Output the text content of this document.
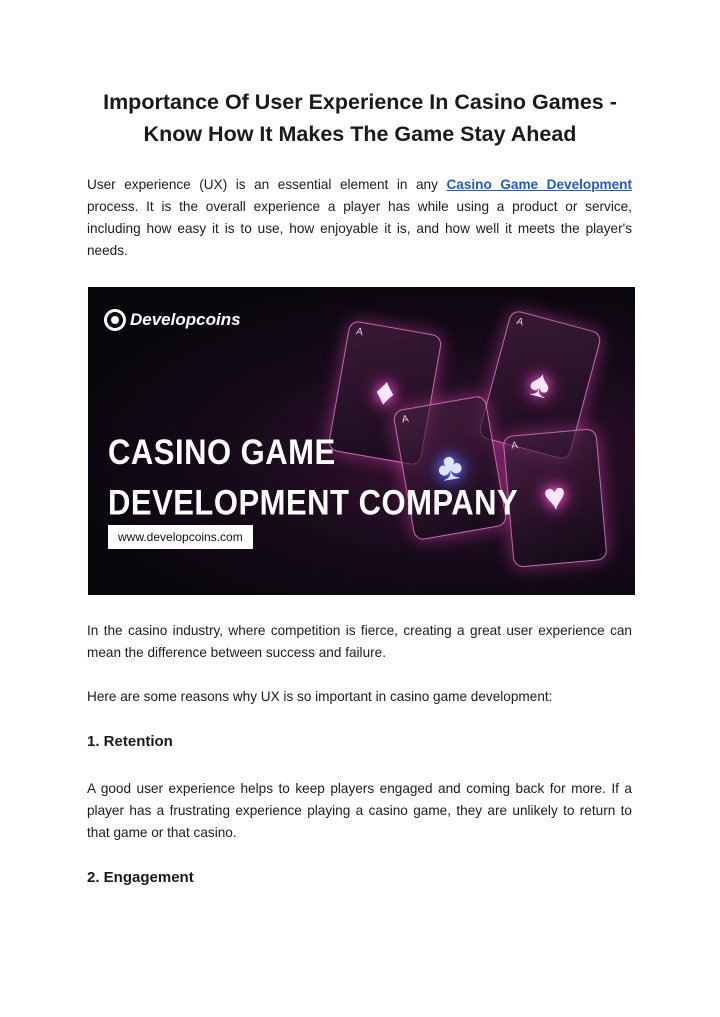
Importance Of User Experience In Casino Games -
Know How It Makes The Game Stay Ahead
User experience (UX) is an essential element in any Casino Game Development process. It is the overall experience a player has while using a product or service, including how easy it is to use, how enjoyable it is, and how well it meets the player's needs.
Developcoins
A
♦
A
♠
A
♣	A
♥
CASINO GAME
DEVELOPMENT COMPANY
www.developcoins.com
In the casino industry, where competition is fierce, creating a great user experience can mean the difference between success and failure.
Here are some reasons why UX is so important in casino game development:
1. Retention
A good user experience helps to keep players engaged and coming back for more. If a player has a frustrating experience playing a casino game, they are unlikely to return to that game or that casino.
2. Engagement
